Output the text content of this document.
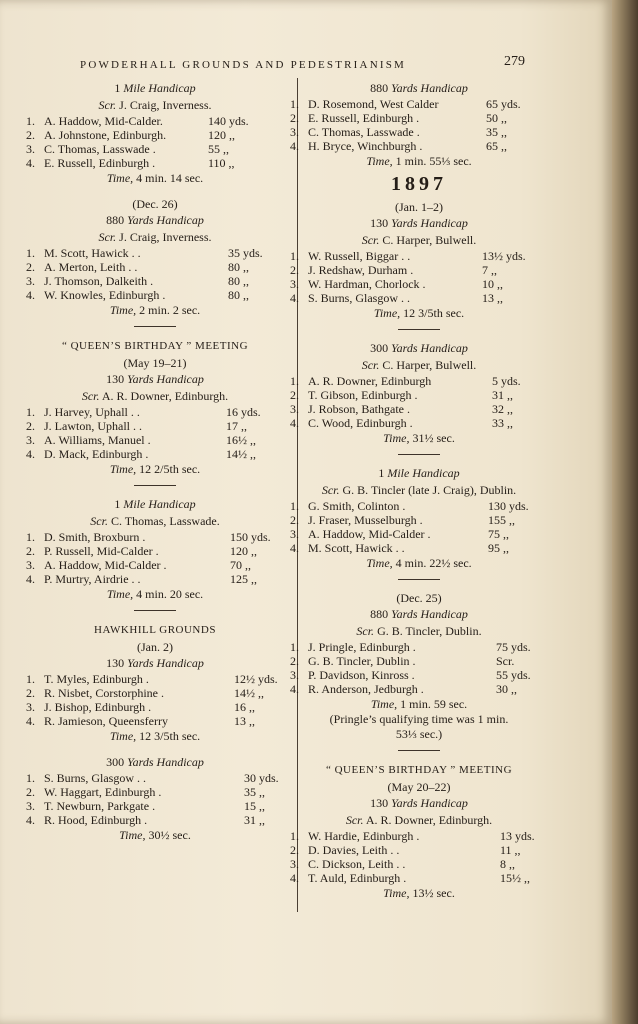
POWDERHALL GROUNDS AND PEDESTRIANISM	279
1 Mile Handicap
Scr. J. Craig, Inverness.
1. A. Haddow, Mid-Calder.	140 yds.
2. A. Johnstone, Edinburgh.	120 ,,
3. C. Thomas, Lasswade .	55 ,,
4. E. Russell, Edinburgh .	110 ,,
Time, 4 min. 14 sec.
(Dec. 26)
880 Yards Handicap
Scr. J. Craig, Inverness.
1. M. Scott, Hawick . .	35 yds.
2. A. Merton, Leith . .	80 ,,
3. J. Thomson, Dalkeith .	80 ,,
4. W. Knowles, Edinburgh .	80 ,,
Time, 2 min. 2 sec.
“ QUEEN’S BIRTHDAY ” MEETING
(May 19–21)
130 Yards Handicap
Scr. A. R. Downer, Edinburgh.
1. J. Harvey, Uphall . .	16 yds.
2. J. Lawton, Uphall . .	17 ,,
3. A. Williams, Manuel .	16½ ,,
4. D. Mack, Edinburgh .	14½ ,,
Time, 12 2/5th sec.
1 Mile Handicap
Scr. C. Thomas, Lasswade.
1. D. Smith, Broxburn .	150 yds.
2. P. Russell, Mid-Calder .	120 ,,
3. A. Haddow, Mid-Calder .	70 ,,
4. P. Murtry, Airdrie . .	125 ,,
Time, 4 min. 20 sec.
HAWKHILL GROUNDS
(Jan. 2)
130 Yards Handicap
1. T. Myles, Edinburgh .	12½ yds.
2. R. Nisbet, Corstorphine .	14½ ,,
3. J. Bishop, Edinburgh .	16 ,,
4. R. Jamieson, Queensferry	13 ,,
Time, 12 3/5th sec.
300 Yards Handicap
1. S. Burns, Glasgow . .	30 yds.
2. W. Haggart, Edinburgh .	35 ,,
3. T. Newburn, Parkgate .	15 ,,
4. R. Hood, Edinburgh .	31 ,,
Time, 30½ sec.
880 Yards Handicap
1. D. Rosemond, West Calder	65 yds.
2. E. Russell, Edinburgh .	50 ,,
3. C. Thomas, Lasswade .	35 ,,
4. H. Bryce, Winchburgh .	65 ,,
Time, 1 min. 55⅓ sec.
1897
(Jan. 1–2)
130 Yards Handicap
Scr. C. Harper, Bulwell.
1. W. Russell, Biggar . .	13½ yds.
2. J. Redshaw, Durham .	7 ,,
3. W. Hardman, Chorlock .	10 ,,
4. S. Burns, Glasgow . .	13 ,,
Time, 12 3/5th sec.
300 Yards Handicap
Scr. C. Harper, Bulwell.
1. A. R. Downer, Edinburgh	5 yds.
2. T. Gibson, Edinburgh .	31 ,,
3. J. Robson, Bathgate .	32 ,,
4. C. Wood, Edinburgh .	33 ,,
Time, 31½ sec.
1 Mile Handicap
Scr. G. B. Tincler (late J. Craig), Dublin.
1. G. Smith, Colinton .	130 yds.
2. J. Fraser, Musselburgh .	155 ,,
3. A. Haddow, Mid-Calder .	75 ,,
4. M. Scott, Hawick . .	95 ,,
Time, 4 min. 22½ sec.
(Dec. 25)
880 Yards Handicap
Scr. G. B. Tincler, Dublin.
1. J. Pringle, Edinburgh .	75 yds.
2. G. B. Tincler, Dublin .	Scr.
3. P. Davidson, Kinross .	55 yds.
4. R. Anderson, Jedburgh .	30 ,,
Time, 1 min. 59 sec.
(Pringle’s qualifying time was 1 min.
53⅓ sec.)
“ QUEEN’S BIRTHDAY ” MEETING
(May 20–22)
130 Yards Handicap
Scr. A. R. Downer, Edinburgh.
1. W. Hardie, Edinburgh .	13 yds.
2. D. Davies, Leith . .	11 ,,
3. C. Dickson, Leith . .	8 ,,
4. T. Auld, Edinburgh .	15½ ,,
Time, 13½ sec.
